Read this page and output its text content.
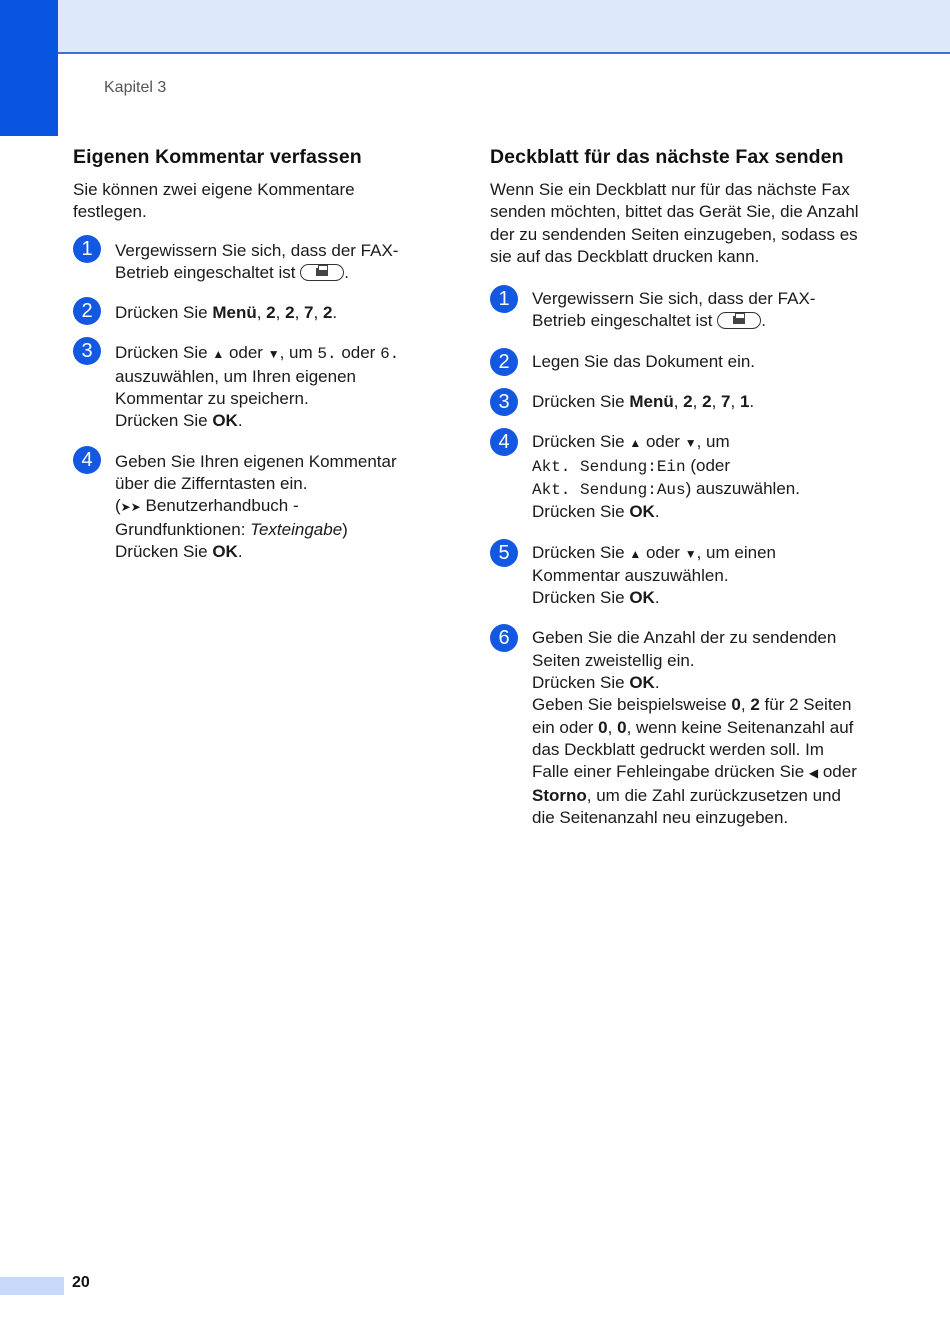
Kapitel 3
Eigenen Kommentar verfassen

Sie können zwei eigene Kommentare festlegen.

1	Vergewissern Sie sich, dass der FAX-Betrieb eingeschaltet ist	.
2	Drücken Sie Menü, 2, 2, 7, 2.
3	Drücken Sie ▲ oder ▼, um 5. oder 6. auszuwählen, um Ihren eigenen Kommentar zu speichern.
Drücken Sie OK.
4	Geben Sie Ihren eigenen Kommentar über die Zifferntasten ein.
(➤➤ Benutzerhandbuch - Grundfunktionen: Texteingabe)
Drücken Sie OK.
Deckblatt für das nächste Fax senden

Wenn Sie ein Deckblatt nur für das nächste Fax senden möchten, bittet das Gerät Sie, die Anzahl der zu sendenden Seiten einzugeben, sodass es sie auf das Deckblatt drucken kann.

1	Vergewissern Sie sich, dass der FAX-Betrieb eingeschaltet ist	.
2	Legen Sie das Dokument ein.
3	Drücken Sie Menü, 2, 2, 7, 1.
4	Drücken Sie ▲ oder ▼, um
Akt. Sendung:Ein (oder
Akt. Sendung:Aus) auszuwählen.
Drücken Sie OK.
5	Drücken Sie ▲ oder ▼, um einen Kommentar auszuwählen.
Drücken Sie OK.
6	Geben Sie die Anzahl der zu sendenden Seiten zweistellig ein.
Drücken Sie OK.
Geben Sie beispielsweise 0, 2 für 2 Seiten ein oder 0, 0, wenn keine Seitenanzahl auf das Deckblatt gedruckt werden soll. Im Falle einer Fehleingabe drücken Sie ◀ oder Storno, um die Zahl zurückzusetzen und die Seitenanzahl neu einzugeben.
20
